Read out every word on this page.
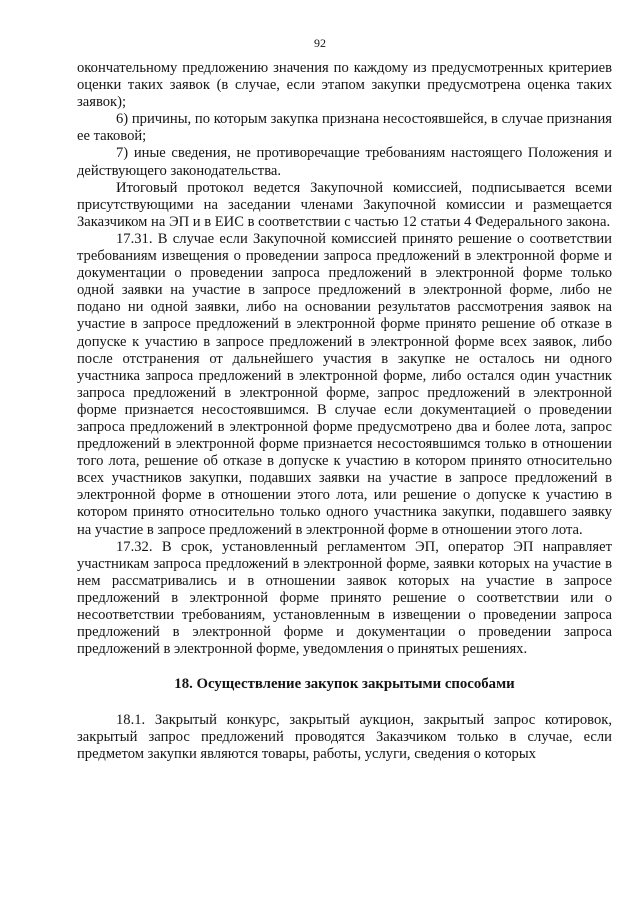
92

окончательному предложению значения по каждому из предусмотренных критериев оценки таких заявок (в случае, если этапом закупки предусмотрена оценка таких заявок);

6) причины, по которым закупка признана несостоявшейся, в случае признания ее таковой;

7) иные сведения, не противоречащие требованиям настоящего Положения и действующего законодательства.

Итоговый протокол ведется Закупочной комиссией, подписывается всеми присутствующими на заседании членами Закупочной комиссии и размещается Заказчиком на ЭП и в ЕИС в соответствии с частью 12 статьи 4 Федерального закона.

17.31. В случае если Закупочной комиссией принято решение о соответствии требованиям извещения о проведении запроса предложений в электронной форме и документации о проведении запроса предложений в электронной форме только одной заявки на участие в запросе предложений в электронной форме, либо не подано ни одной заявки, либо на основании результатов рассмотрения заявок на участие в запросе предложений в электронной форме принято решение об отказе в допуске к участию в запросе предложений в электронной форме всех заявок, либо после отстранения от дальнейшего участия в закупке не осталось ни одного участника запроса предложений в электронной форме, либо остался один участник запроса предложений в электронной форме, запрос предложений в электронной форме признается несостоявшимся. В случае если документацией о проведении запроса предложений в электронной форме предусмотрено два и более лота, запрос предложений в электронной форме признается несостоявшимся только в отношении того лота, решение об отказе в допуске к участию в котором принято относительно всех участников закупки, подавших заявки на участие в запросе предложений в электронной форме в отношении этого лота, или решение о допуске к участию в котором принято относительно только одного участника закупки, подавшего заявку на участие в запросе предложений в электронной форме в отношении этого лота.

17.32. В срок, установленный регламентом ЭП, оператор ЭП направляет участникам запроса предложений в электронной форме, заявки которых на участие в нем рассматривались и в отношении заявок которых на участие в запросе предложений в электронной форме принято решение о соответствии или о несоответствии требованиям, установленным в извещении о проведении запроса предложений в электронной форме и документации о проведении запроса предложений в электронной форме, уведомления о принятых решениях.

18. Осуществление закупок закрытыми способами

18.1. Закрытый конкурс, закрытый аукцион, закрытый запрос котировок, закрытый запрос предложений проводятся Заказчиком только в случае, если предметом закупки являются товары, работы, услуги, сведения о которых
